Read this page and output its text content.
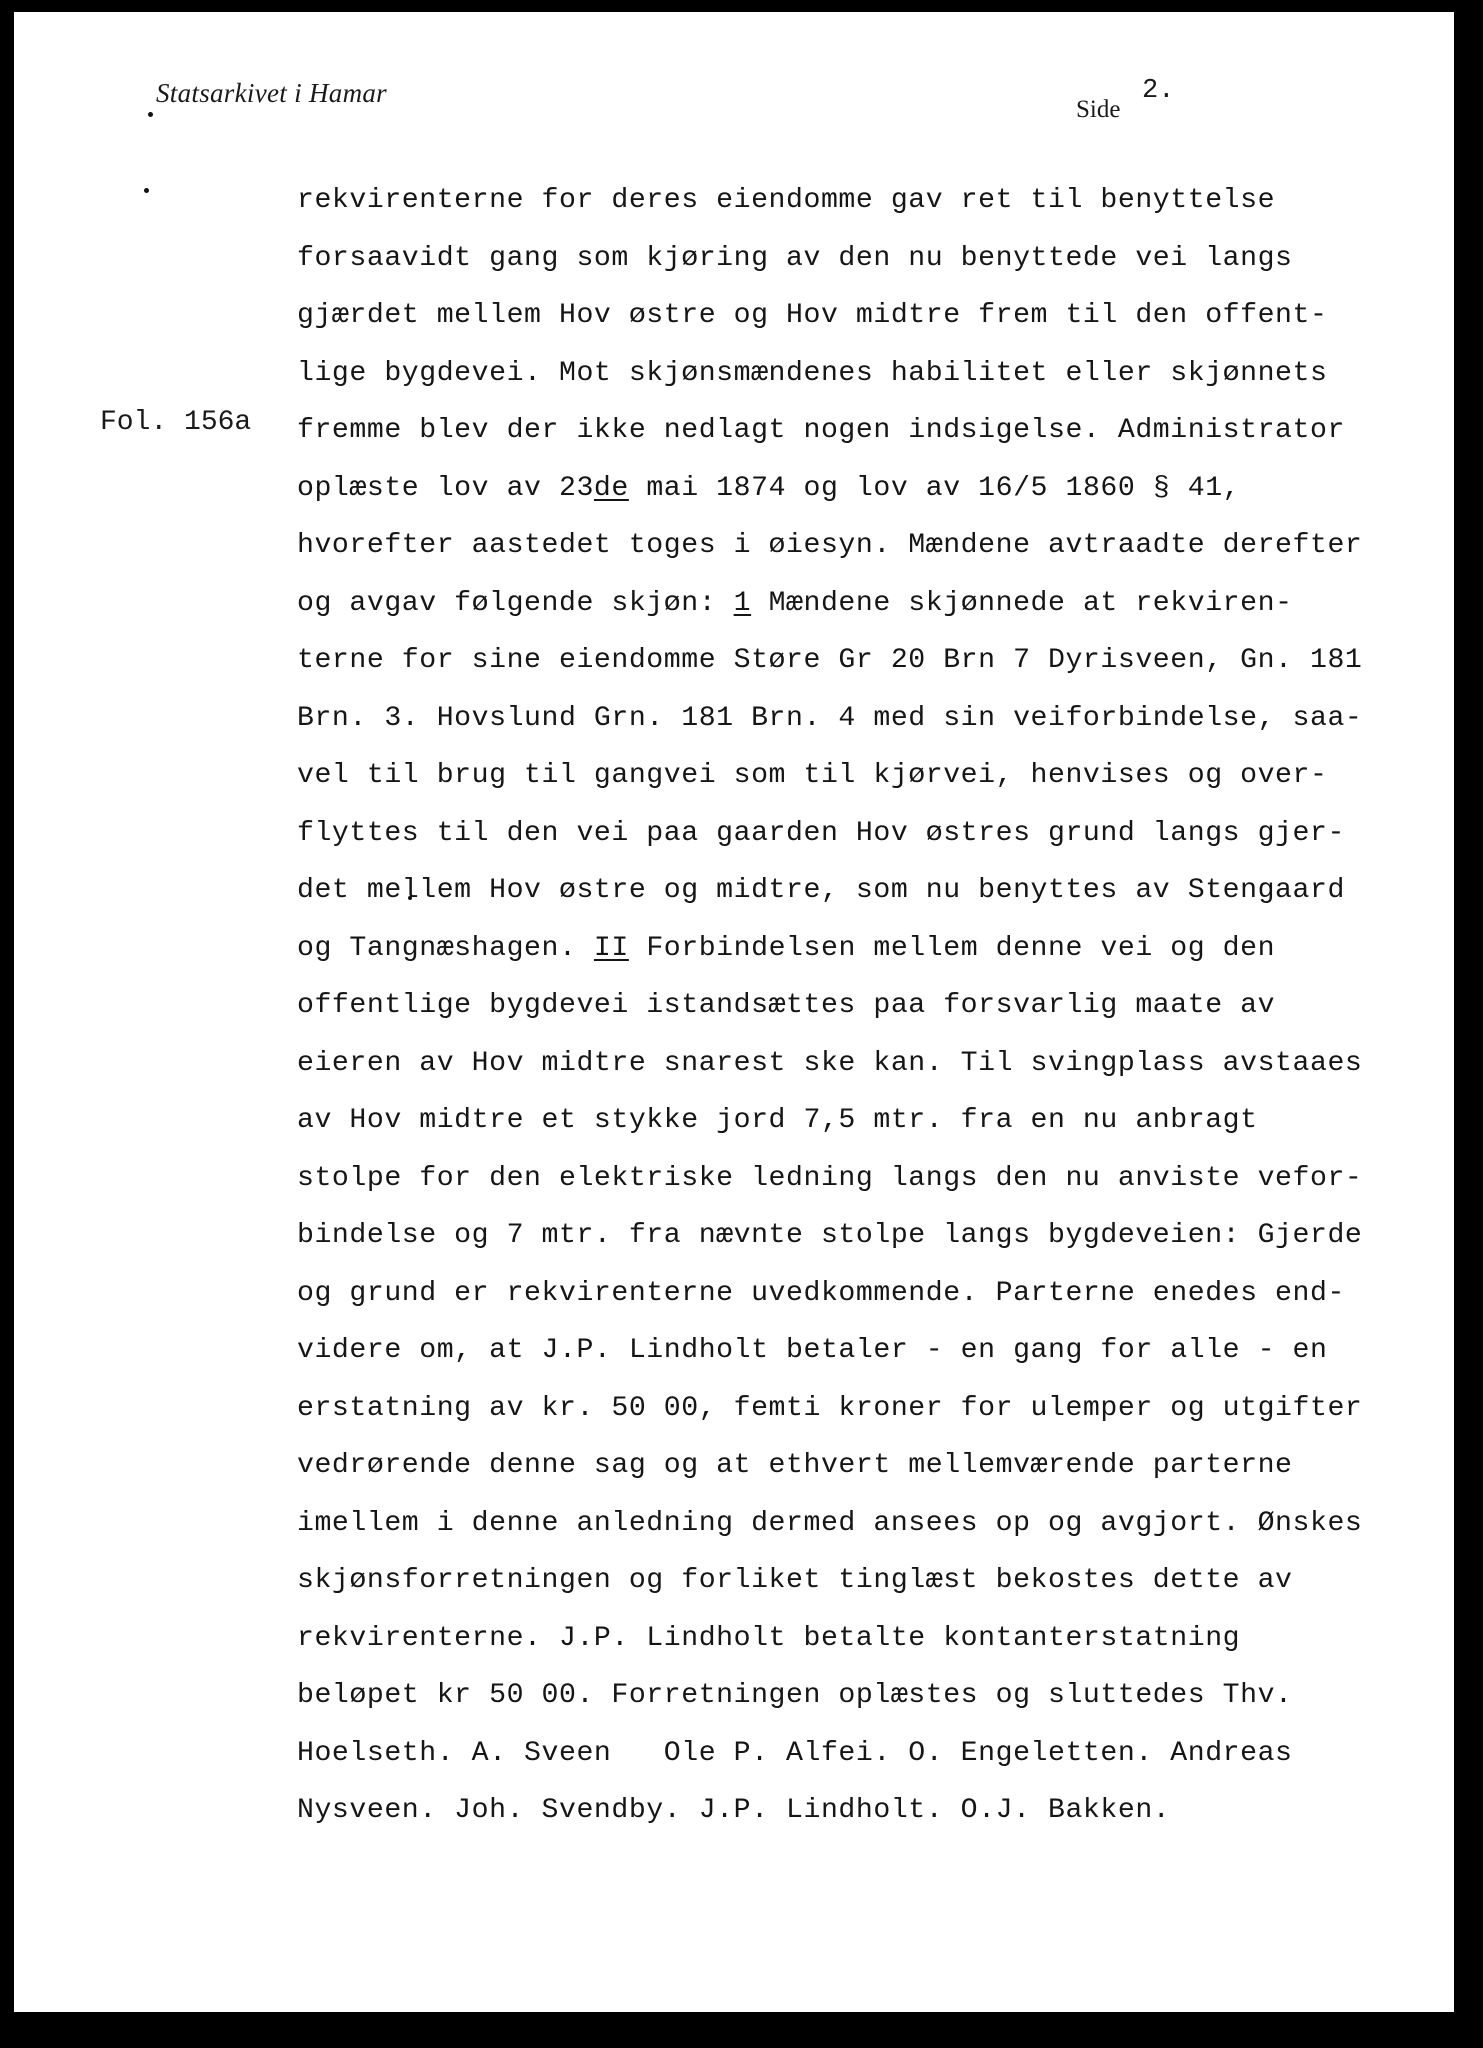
Statsarkivet i Hamar
Side
2.
Fol. 156a
rekvirenterne for deres eiendomme gav ret til benyttelse
forsaavidt gang som kjøring av den nu benyttede vei langs
gjærdet mellem Hov østre og Hov midtre frem til den offent-
lige bygdevei. Mot skjønsmændenes habilitet eller skjønnets
fremme blev der ikke nedlagt nogen indsigelse. Administrator
oplæste lov av 23de mai 1874 og lov av 16/5 1860 § 41,
hvorefter aastedet toges i øiesyn. Mændene avtraadte derefter
og avgav følgende skjøn: 1 Mændene skjønnede at rekviren-
terne for sine eiendomme Støre Gr 20 Brn 7 Dyrisveen, Gn. 181
Brn. 3. Hovslund Grn. 181 Brn. 4 med sin veiforbindelse, saa-
vel til brug til gangvei som til kjørvei, henvises og over-
flyttes til den vei paa gaarden Hov østres grund langs gjer-
det mellem Hov østre og midtre, som nu benyttes av Stengaard
og Tangnæshagen. II Forbindelsen mellem denne vei og den
offentlige bygdevei istandsættes paa forsvarlig maate av
eieren av Hov midtre snarest ske kan. Til svingplass avstaaes
av Hov midtre et stykke jord 7,5 mtr. fra en nu anbragt
stolpe for den elektriske ledning langs den nu anviste vefor-
bindelse og 7 mtr. fra nævnte stolpe langs bygdeveien: Gjerde
og grund er rekvirenterne uvedkommende. Parterne enedes end-
videre om, at J.P. Lindholt betaler - en gang for alle - en
erstatning av kr. 50 00, femti kroner for ulemper og utgifter
vedrørende denne sag og at ethvert mellemværende parterne
imellem i denne anledning dermed ansees op og avgjort. Ønskes
skjønsforretningen og forliket tinglæst bekostes dette av
rekvirenterne. J.P. Lindholt betalte kontanterstatning
beløpet kr 50 00. Forretningen oplæstes og sluttedes Thv.
Hoelseth. A. Sveen   Ole P. Alfei. O. Engeletten. Andreas
Nysveen. Joh. Svendby. J.P. Lindholt. O.J. Bakken.
